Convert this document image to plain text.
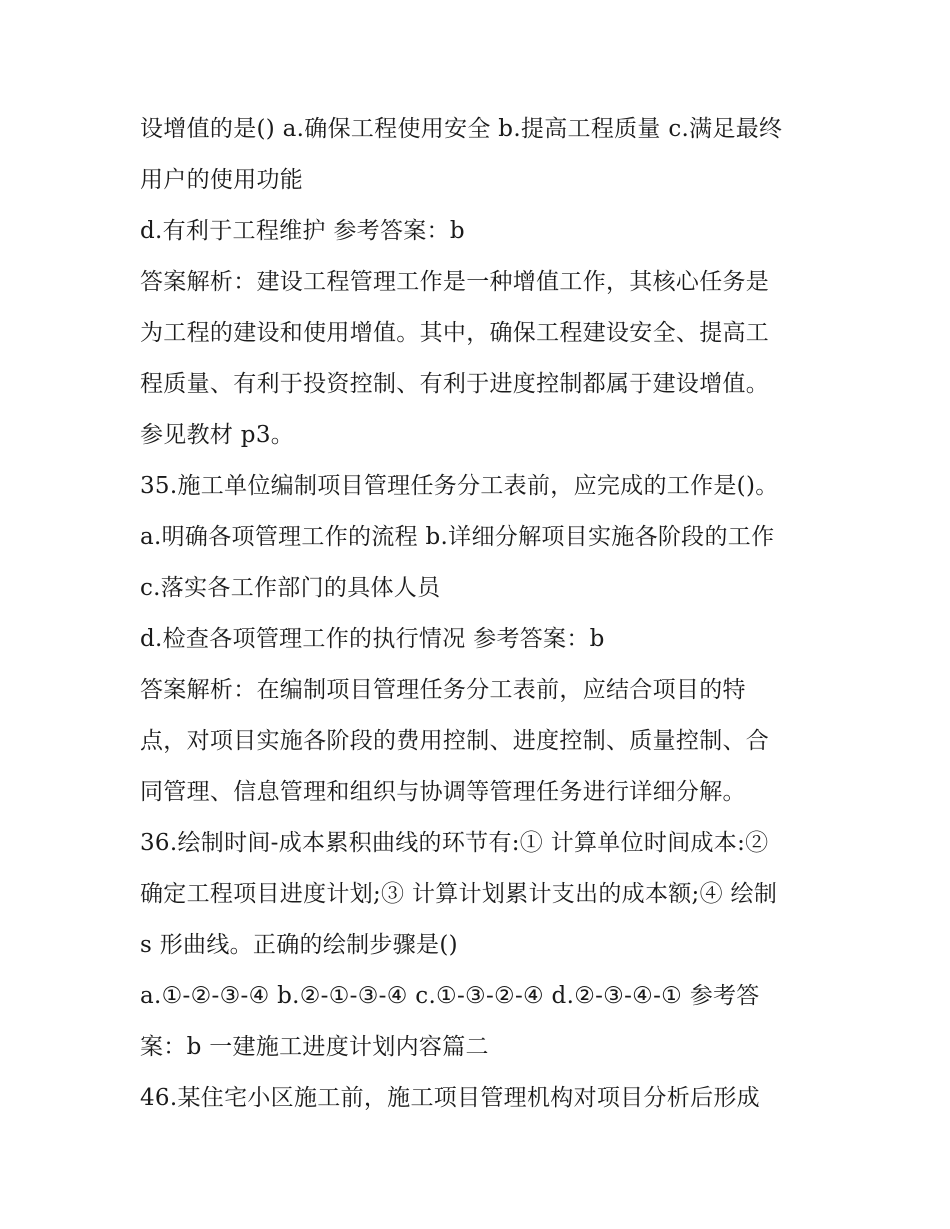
设增值的是() a.确保工程使用安全 b.提高工程质量 c.满足最终
用户的使用功能
d.有利于工程维护 参考答案：b
答案解析：建设工程管理工作是一种增值工作，其核心任务是
为工程的建设和使用增值。其中，确保工程建设安全、提高工
程质量、有利于投资控制、有利于进度控制都属于建设增值。
参见教材 p3。
35.施工单位编制项目管理任务分工表前，应完成的工作是()。
a.明确各项管理工作的流程 b.详细分解项目实施各阶段的工作
c.落实各工作部门的具体人员
d.检查各项管理工作的执行情况 参考答案：b
答案解析：在编制项目管理任务分工表前，应结合项目的特
点，对项目实施各阶段的费用控制、进度控制、质量控制、合
同管理、信息管理和组织与协调等管理任务进行详细分解。
36.绘制时间-成本累积曲线的环节有:① 计算单位时间成本:②
确定工程项目进度计划;③ 计算计划累计支出的成本额;④ 绘制
s 形曲线。正确的绘制步骤是()
a.①-②-③-④ b.②-①-③-④ c.①-③-②-④ d.②-③-④-① 参考答
案：b 一建施工进度计划内容篇二
46.某住宅小区施工前，施工项目管理机构对项目分析后形成
